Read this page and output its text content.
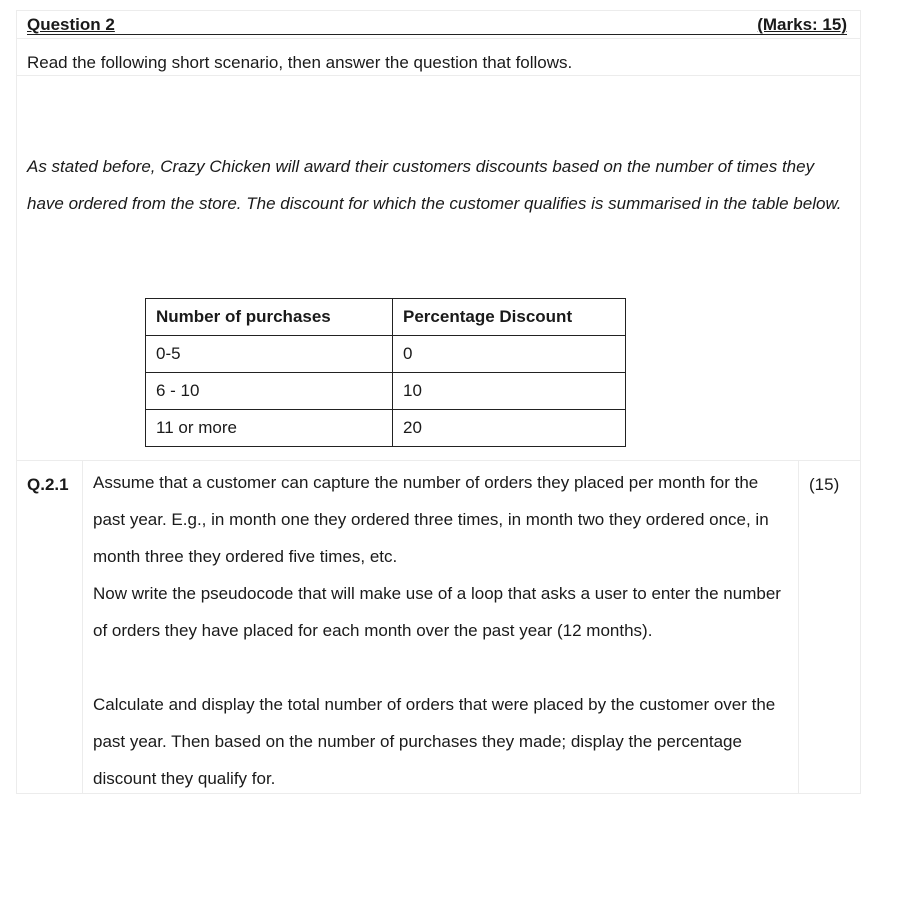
Question 2	(Marks: 15)
Read the following short scenario, then answer the question that follows.
As stated before, Crazy Chicken will award their customers discounts based on the number of times they have ordered from the store. The discount for which the customer qualifies is summarised in the table below.
Number of purchases	Percentage Discount
0-5	0
6 - 10	10
11 or more	20
Q.2.1	Assume that a customer can capture the number of orders they placed per month for the past year. E.g., in month one they ordered three times, in month two they ordered once, in month three they ordered five times, etc.
Now write the pseudocode that will make use of a loop that asks a user to enter the number of orders they have placed for each month over the past year (12 months).
Calculate and display the total number of orders that were placed by the customer over the past year. Then based on the number of purchases they made; display the percentage discount they qualify for.
(15)
